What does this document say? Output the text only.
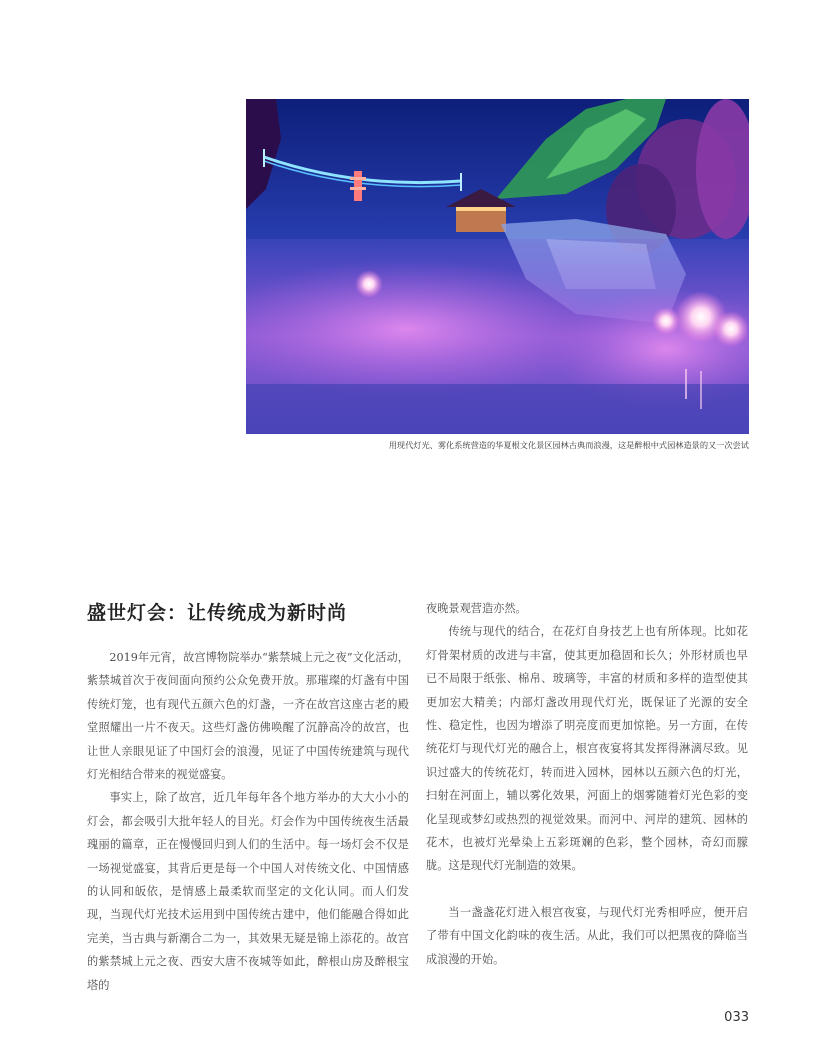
用现代灯光、雾化系统营造的华夏根文化景区园林古典而浪漫，这是醉根中式园林造景的又一次尝试
盛世灯会：让传统成为新时尚

2019年元宵，故宫博物院举办“紫禁城上元之夜”文化活动，紫禁城首次于夜间面向预约公众免费开放。那璀璨的灯盏有中国传统灯笼，也有现代五颜六色的灯盏，一齐在故宫这座古老的殿堂照耀出一片不夜天。这些灯盏仿佛唤醒了沉静高冷的故宫，也让世人亲眼见证了中国灯会的浪漫，见证了中国传统建筑与现代灯光相结合带来的视觉盛宴。

事实上，除了故宫，近几年每年各个地方举办的大大小小的灯会，都会吸引大批年轻人的目光。灯会作为中国传统夜生活最瑰丽的篇章，正在慢慢回归到人们的生活中。每一场灯会不仅是一场视觉盛宴，其背后更是每一个中国人对传统文化、中国情感的认同和皈依，是情感上最柔软而坚定的文化认同。而人们发现，当现代灯光技术运用到中国传统古建中，他们能融合得如此完美，当古典与新潮合二为一，其效果无疑是锦上添花的。故宫的紫禁城上元之夜、西安大唐不夜城等如此，醉根山房及醉根宝塔的

夜晚景观营造亦然。

传统与现代的结合，在花灯自身技艺上也有所体现。比如花灯骨架材质的改进与丰富，使其更加稳固和长久；外形材质也早已不局限于纸张、棉帛、玻璃等，丰富的材质和多样的造型使其更加宏大精美；内部灯盏改用现代灯光，既保证了光源的安全性、稳定性，也因为增添了明亮度而更加惊艳。另一方面，在传统花灯与现代灯光的融合上，根宫夜宴将其发挥得淋漓尽致。见识过盛大的传统花灯，转而进入园林，园林以五颜六色的灯光，扫射在河面上，辅以雾化效果，河面上的烟雾随着灯光色彩的变化呈现或梦幻或热烈的视觉效果。而河中、河岸的建筑、园林的花木，也被灯光晕染上五彩斑斓的色彩，整个园林，奇幻而朦胧。这是现代灯光制造的效果。

当一盏盏花灯进入根宫夜宴，与现代灯光秀相呼应，便开启了带有中国文化韵味的夜生活。从此，我们可以把黑夜的降临当成浪漫的开始。

033
